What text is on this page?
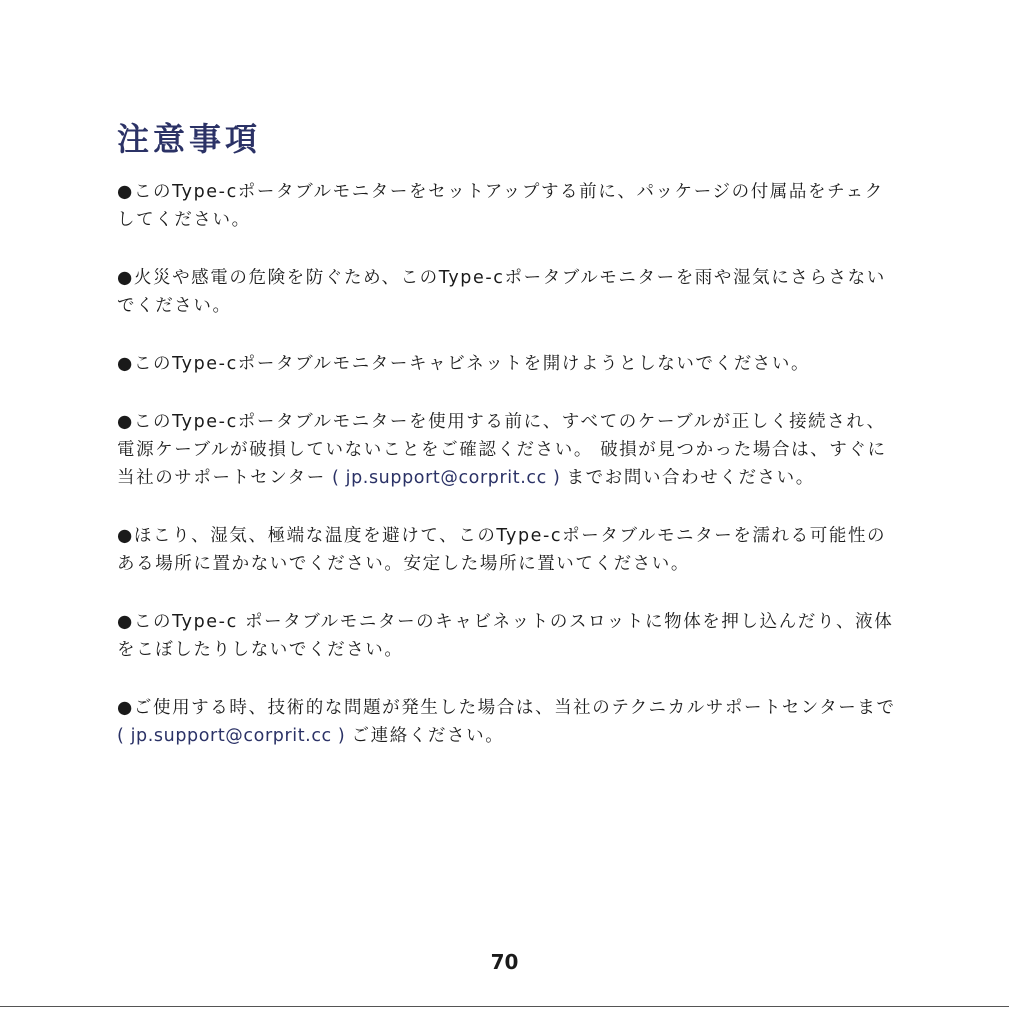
注意事項

●このType-cポータブルモニターをセットアップする前に、パッケージの付属品をチェクしてください。

●火災や感電の危険を防ぐため、このType-cポータブルモニターを雨や湿気にさらさないでください。

●このType-cポータブルモニターキャビネットを開けようとしないでください。

●このType-cポータブルモニターを使用する前に、すべてのケーブルが正しく接続され、電源ケーブルが破損していないことをご確認ください。 破損が見つかった場合は、すぐに当社のサポートセンター ( jp.support@corprit.cc ) までお問い合わせください。

●ほこり、湿気、極端な温度を避けて、このType-cポータブルモニターを濡れる可能性のある場所に置かないでください。安定した場所に置いてください。

●このType-c ポータブルモニターのキャビネットのスロットに物体を押し込んだり、液体をこぼしたりしないでください。

●ご使用する時、技術的な問題が発生した場合は、当社のテクニカルサポートセンターまで ( jp.support@corprit.cc ) ご連絡ください。

70
